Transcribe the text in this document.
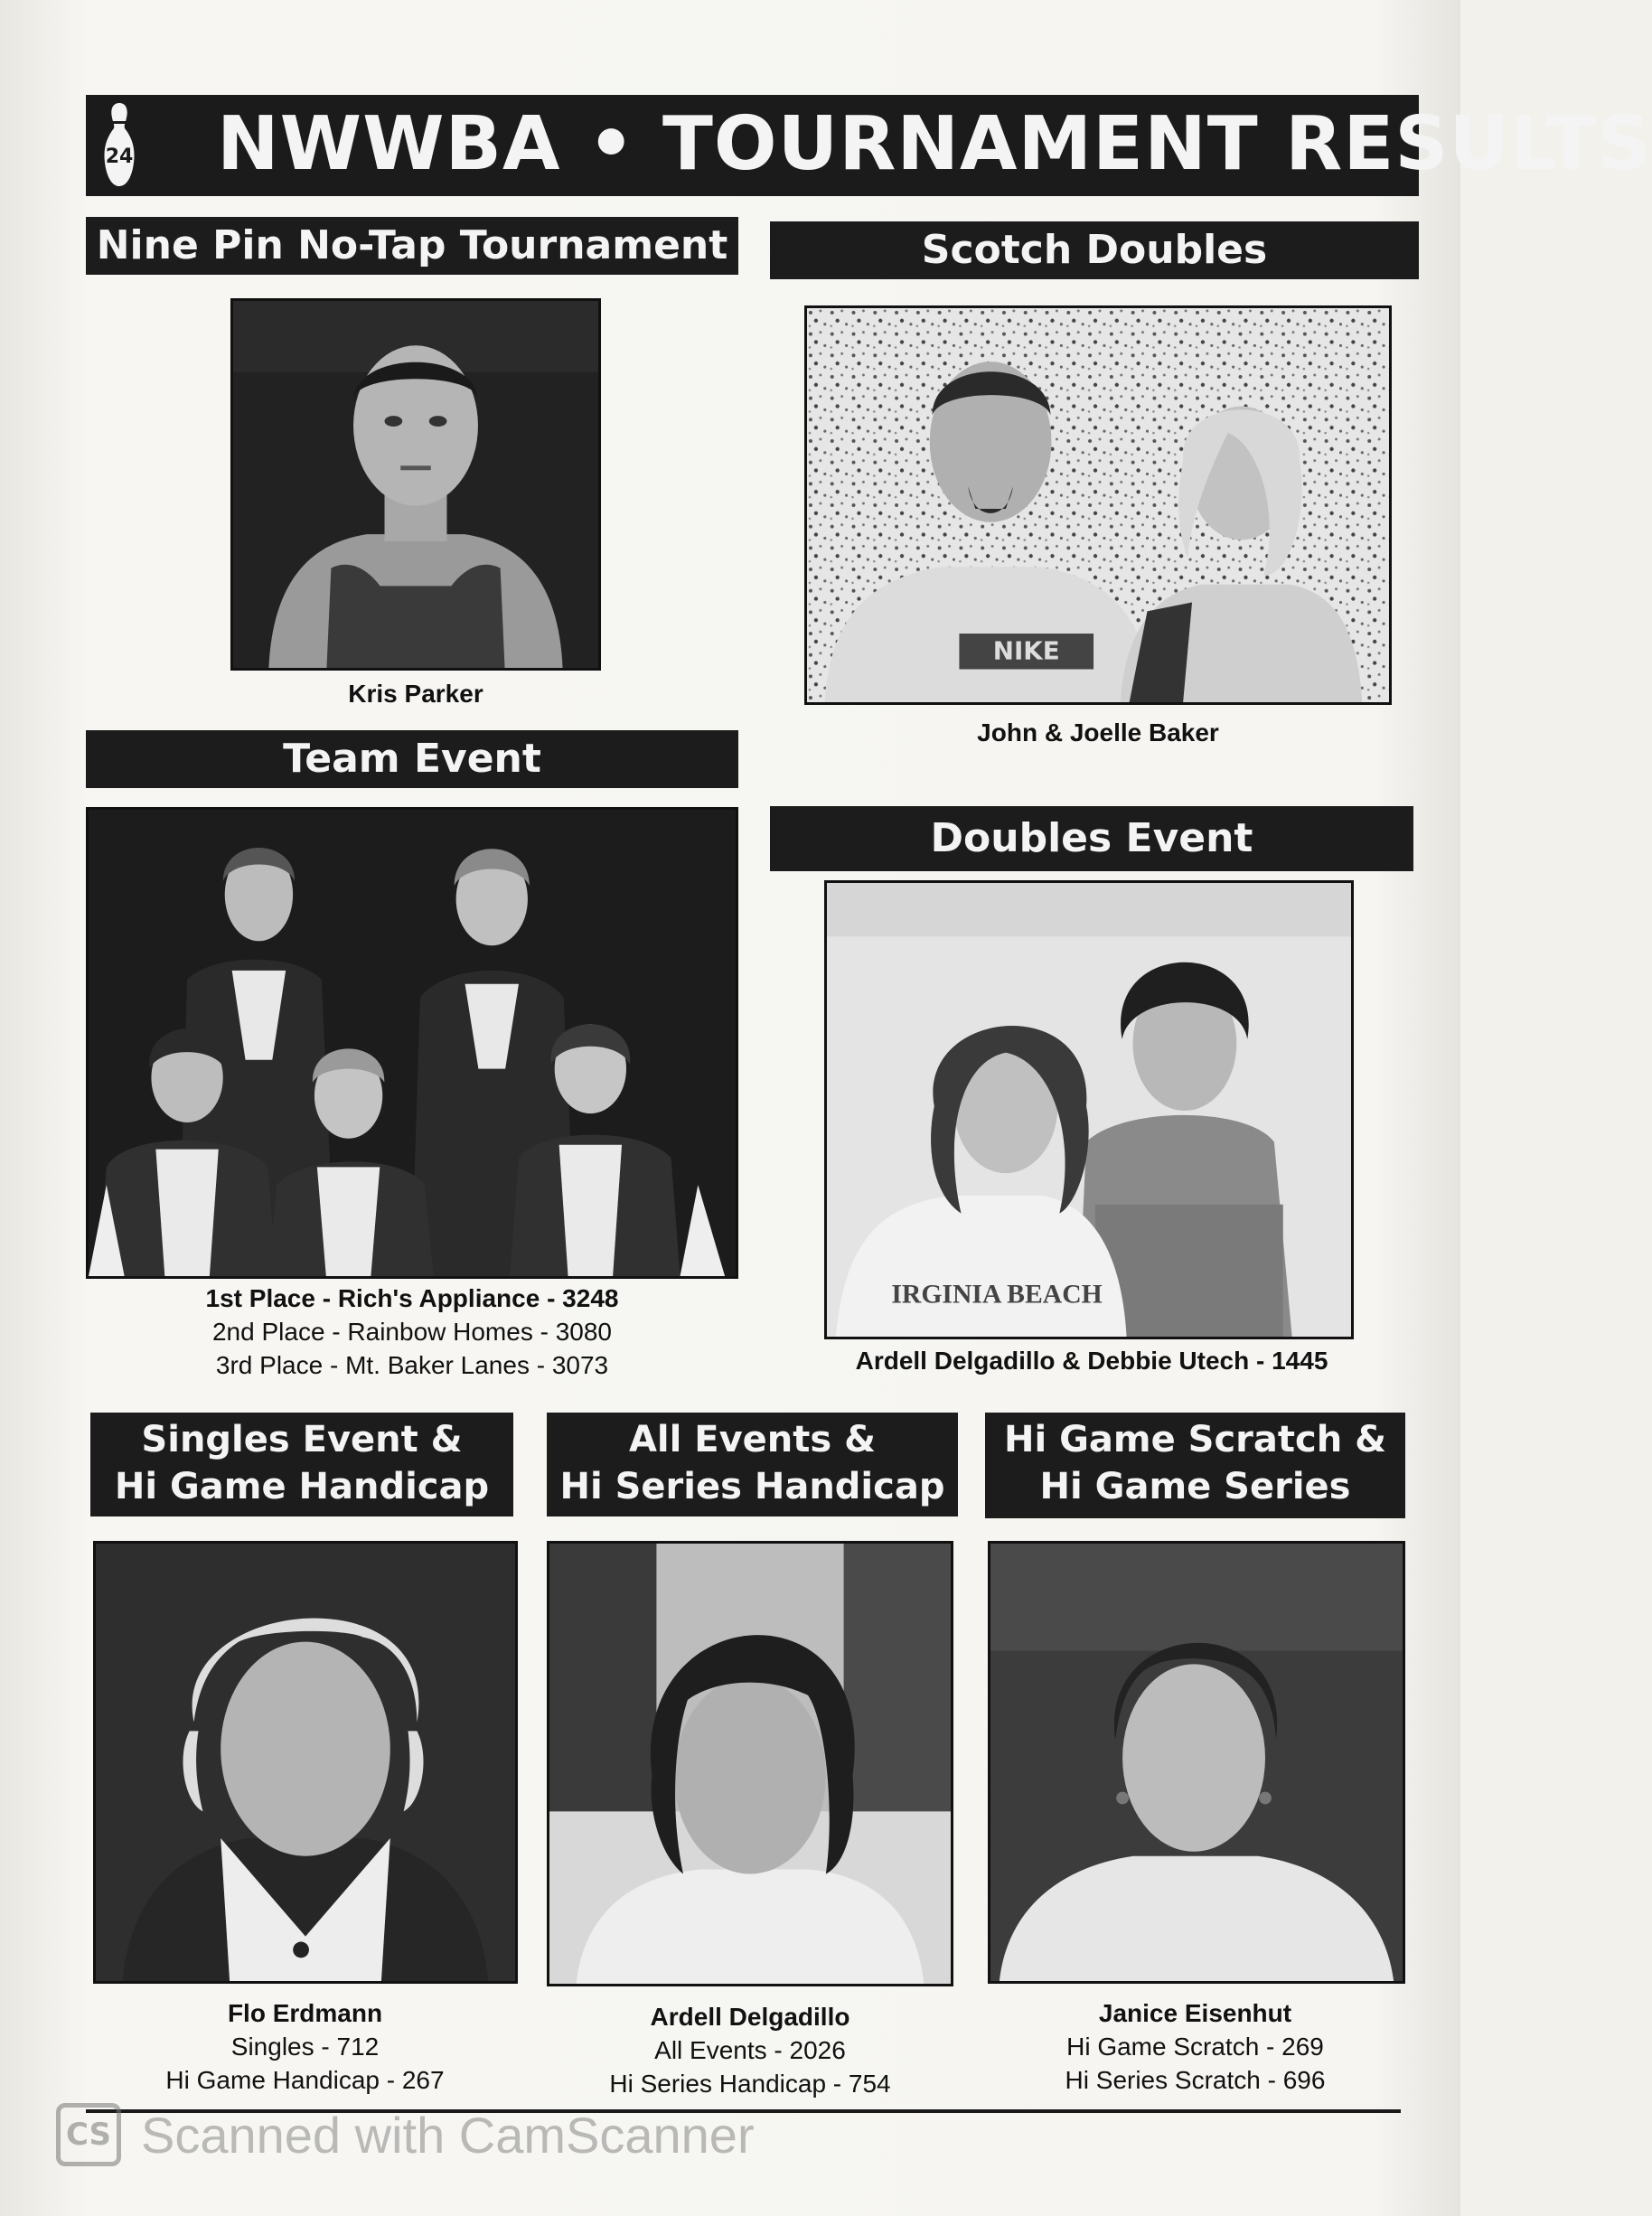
24 NWWBA • TOURNAMENT RESULTS
Nine Pin No-Tap Tournament
Kris Parker
Scotch Doubles
NIKE
John & Joelle Baker
Team Event
1st Place - Rich's Appliance - 3248
2nd Place - Rainbow Homes - 3080
3rd Place - Mt. Baker Lanes - 3073
Doubles Event
IRGINIA BEACH
Ardell Delgadillo & Debbie Utech - 1445
Singles Event &
Hi Game Handicap
Flo Erdmann
Singles - 712
Hi Game Handicap - 267
All Events &
Hi Series Handicap
Ardell Delgadillo
All Events - 2026
Hi Series Handicap - 754
Hi Game Scratch &
Hi Game Series
Janice Eisenhut
Hi Game Scratch - 269
Hi Series Scratch - 696
CS Scanned with CamScanner
